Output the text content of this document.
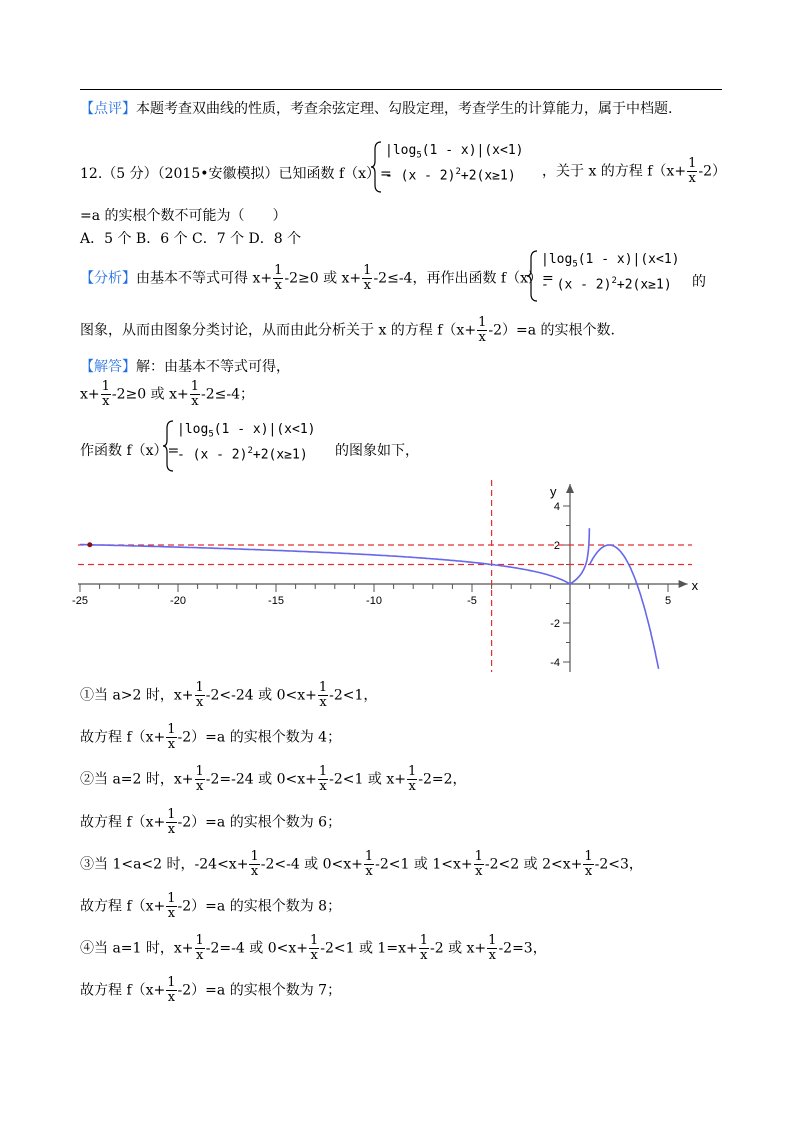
【点评】本题考查双曲线的性质，考查余弦定理、勾股定理，考查学生的计算能力，属于中档题.
12.（5 分）（2015•安徽模拟）已知函数 f（x）=
$|\log_5(1 - x)|(x<1)$
- (x - 2)$^2$+2(x≥1) ，关于 x 的方程 $f(x+ \frac{1}{x} -2)$
=a 的实根个数不可能为（　　）
A．5 个 B．6 个 C．7 个 D．8 个
【分析】由基本不等式可得 $x+ \frac{1}{x} -2\ge 0$ 或 $x+ \frac{1}{x} -2\le-4$，再作出函数 f（x）=
$|\log_5(1 - x)|(x<1)$
- (x - 2)$^2$+2(x≥1) 的
图象，从而由图象分类讨论，从而由此分析关于 x 的方程 $f(x+ \frac{1}{x} -2)=a$ 的实根个数.
【解答】解：由基本不等式可得，
$x+ \frac{1}{x} -2\ge 0$ 或 $x+ \frac{1}{x} -2\le-4$；
作函数 f（x）=
$|\log_5(1 - x)|(x<1)$
- (x - 2)$^2$+2(x≥1) 的图象如下，
-25	-20	-15	-10	-5	5
4
2
-2
-4
x
y
①当 a>2 时，$x+ \frac{1}{x} -2<-24$ 或 $0<x+ \frac{1}{x} -2<1$，
故方程 $f(x+ \frac{1}{x} -2)=a$ 的实根个数为 4；
②当 a=2 时，$x+ \frac{1}{x} -2=-24$ 或 $0<x+ \frac{1}{x} -2<1$ 或 $x+ \frac{1}{x} -2=2$，
故方程 $f(x+ \frac{1}{x} -2)=a$ 的实根个数为 6；
③当 1<a<2 时，$-24<x+ \frac{1}{x} -2<-4$ 或 $0<x+ \frac{1}{x} -2<1$ 或 $1<x+ \frac{1}{x} -2<2$ 或 $2<x+ \frac{1}{x} -2<3$，
故方程 $f(x+ \frac{1}{x} -2)=a$ 的实根个数为 8；
④当 a=1 时，$x+ \frac{1}{x} -2=-4$ 或 $0<x+ \frac{1}{x} -2<1$ 或 $1=x+ \frac{1}{x} -2$ 或 $x+ \frac{1}{x} -2=3$，
故方程 $f(x+ \frac{1}{x} -2)=a$ 的实根个数为 7；
